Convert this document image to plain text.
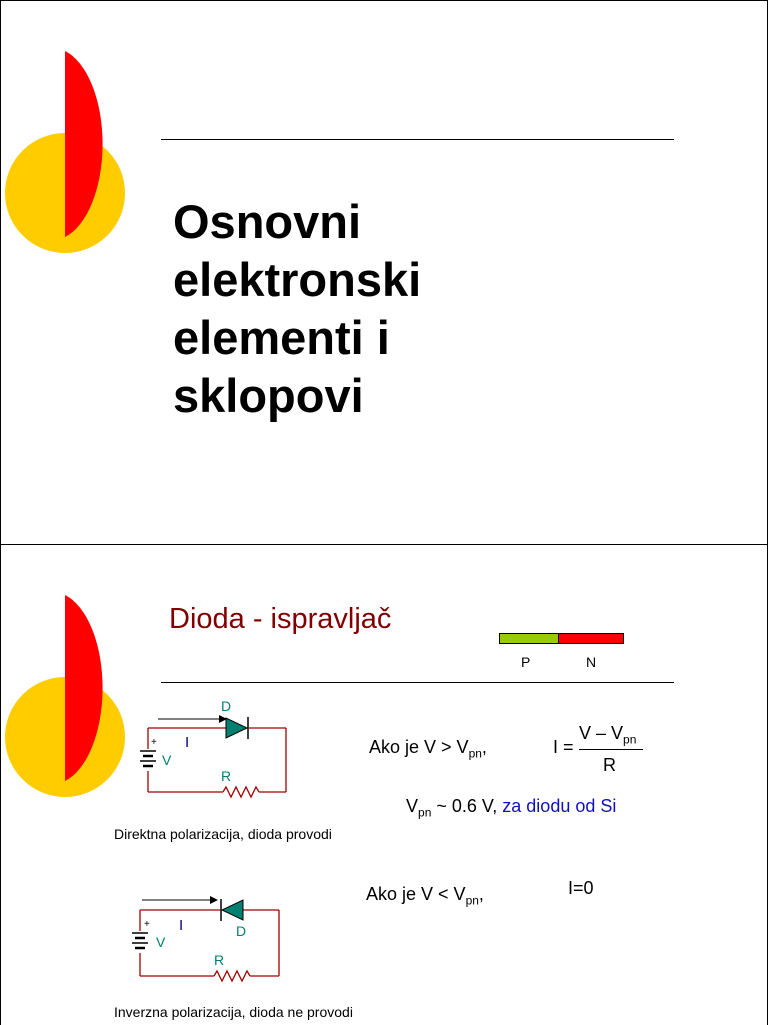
Osnovni
elektronski
elementi i
sklopovi
Dioda - ispravljač
P	N
D
I
V
+
R
Direktna polarizacija, dioda provodi
Ako je $V > V_{pn}$,	I =
V – $V_{pn}$
R
$V_{pn}$ ~ 0.6 V, za diodu od Si
D
I
V
+
R
Ako je $V < V_{pn}$,	I=0
Inverzna polarizacija, dioda ne provodi
